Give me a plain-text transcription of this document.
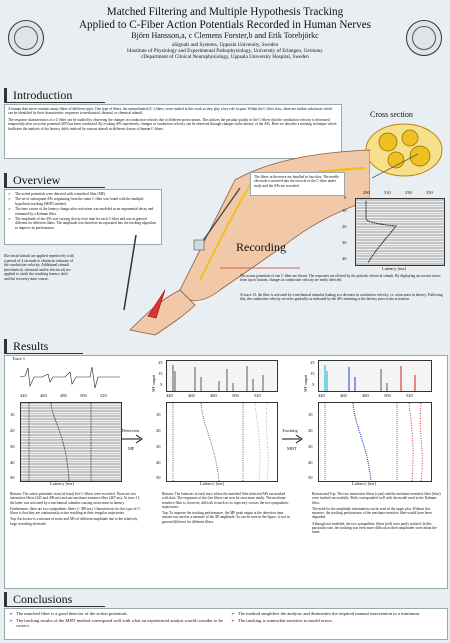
Matched Filtering and Multiple Hypothesis Tracking
Applied to C-Fiber Action Potentials Recorded in Human Nerves
Björn Hansson,a, c Clemens Forster,b and Erik Torebjörkc
aSignals and Systems, Uppsala University, Sweden
bInstitute of Physiology and Experimental Pathophysiology, University of Erlangen, Germany
cDepartment of Clinical Neurophysiology, Uppsala University Hospital, Sweden
Introduction

A human skin nerve contains many fibers of different types. One type of fibers, the unmyelinated (C-) fibers, were studied in this work as they play a key role in pain. Within the C-fiber class, there are further subclasses which can be identified by their characteristic responses to mechanical, thermal, or chemical stimuli.

The response characteristics of a C-fiber can be studied by observing the changes in conduction velocity due to different provocations. This utilizes the peculiar quality of the C-fibers that the conduction velocity is decreased temporarily after an action potential (AP) has been conducted. By evoking APs repetitively, changes in conduction velocity can be observed through changes in the latency of the APs. Here we describe a tracking technique which facilitates the analysis of the latency shifts induced by various stimuli in different classes of human C-fibers.

Cross section
Overview
➢ The action potentials were detected with a matched filter (MF).
➢ The set of subsequent APs originating from the same C-fiber was found with the multiple hypothesis tracking (MHT) method.
➢ The time course of the latency change after activation was modeled as an exponential decay and estimated by a Kalman filter.
➢ The amplitude of the APs was varying slowly over time for each C-fiber and was in general different for different fibers. The amplitude was therefore incorporated into the tracking algorithm to improve its performance.
The fibers in the nerve are bundled in fascicles. The needle electrode is inserted into the fascicle of the C-fiber under study and the APs are recorded.
Electrical stimuli are applied repetitively with a period of 4 seconds to obtain an estimate of the conduction velocity. Additional stimuli (mechanical, chemical and/or electrical) are applied to study the resulting latency shift and the recovery time course.
290	310	330	350
0
10
20
30
40
Latency [ms]
Recording
The action potentials of one C-fiber are shown. The responses are elicited by the periodic electrical stimuli. By displaying successive traces from top to bottom, changes in conduction velocity are easily detected.
At trace 13, the fiber is activated by a mechanical stimulus leading to a decrease in conduction velocity, i.e. an increase in latency. Following this, the conduction velocity recovers gradually as indicated by the APs returning to the latency prior to the activation.
Results
Trace 1
440	460	480	500	520
10
20
30
40
50
Latency [ms]
Detection
MF
25
15
5
MF output
440	460	480	500	520
10
20
30
40
50
Latency [ms]
Tracking
MHT
25
15
5
MF output
440	460	480	500	520
10
20
30
40
50
Latency [ms]
Bottom: The action potentials from (at least) five C-fibers were recorded. There are two insensitive fibers (445 and 496 ms) and one mechano-sensitive fiber (467 ms). At trace 11, the latter was activated by a mechanical stimulus causing an increase in latency.
Furthermore, there are two sympathetic fibers (> 490 ms). Characteristic for this type of C-fibers is that they are continuously active resulting in their irregular trajectories.
Top: Each trace is a mixture of noise and APs of different amplitude due to the relatively large recording electrode.
Bottom: The latencies in each trace where the matched filter detected APs are marked with dots. The responses of the five fibers can now be seen more easily. The mechano-sensitive fiber is, however, difficult to track as its trajectory crosses the two sympathetic trajectories.
Top: To improve the tracking performance, the MF peak output at the detection time instant was used as a measure of the AP amplitude. As can be seen in the figure, it was in general different for different fibers.
Bottom and Top: The two insensitive fibers (cyan) and the mechano-sensitive fiber (blue) were tracked successfully. Both corresponded well with the model used in the Kalman-filter.
The need for the amplitude information can be seen in the upper plot. Without this measure, the tracking performance of the mechano-sensitive fiber would have been degraded.
Although not modeled, the two sympathetic fibers (red) were partly tracked. In this particular case, the tracking was even more difficult as their amplitudes were about the same.
Conclusions
➢ The matched filter is a good detector of the action potentials.
➢ The tracking results of the MHT method correspond well with what an experienced analyst would consider to be correct.
➢ The method simplifies the analysis and diminishes the required manual intervention to a minimum.
➢ The tracking is somewhat sensitive to model errors.
